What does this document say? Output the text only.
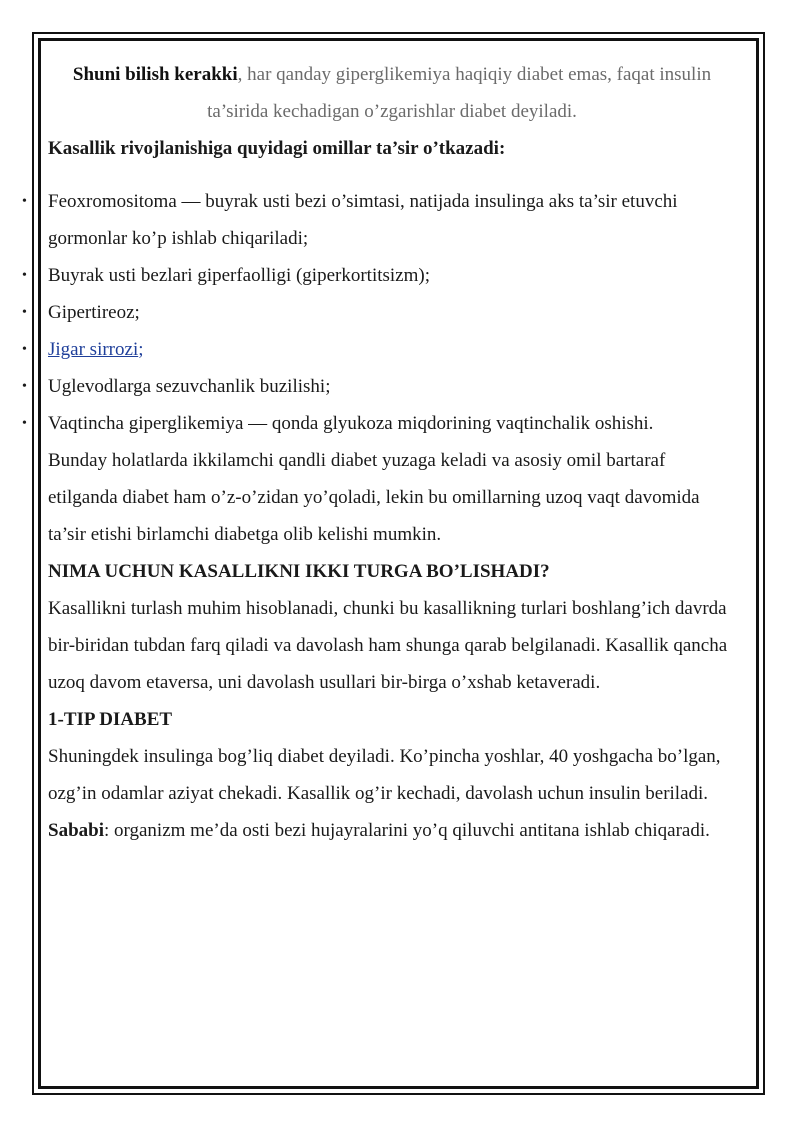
Shuni bilish kerakki, har qanday giperglikemiya haqiqiy diabet emas, faqat insulin ta’sirida kechadigan o’zgarishlar diabet deyiladi.

Kasallik rivojlanishiga quyidagi omillar ta’sir o’tkazadi:

• Feoxromositoma — buyrak usti bezi o’simtasi, natijada insulinga aks ta’sir etuvchi gormonlar ko’p ishlab chiqariladi;
• Buyrak usti bezlari giperfaolligi (giperkortitsizm);
• Gipertireoz;
• Jigar sirrozi;
• Uglevodlarga sezuvchanlik buzilishi;
• Vaqtincha giperglikemiya — qonda glyukoza miqdorining vaqtinchalik oshishi.

Bunday holatlarda ikkilamchi qandli diabet yuzaga keladi va asosiy omil bartaraf etilganda diabet ham o’z-o’zidan yo’qoladi, lekin bu omillarning uzoq vaqt davomida ta’sir etishi birlamchi diabetga olib kelishi mumkin.

NIMA UCHUN KASALLIKNI IKKI TURGA BO’LISHADI?

Kasallikni turlash muhim hisoblanadi, chunki bu kasallikning turlari boshlang’ich davrda bir-biridan tubdan farq qiladi va davolash ham shunga qarab belgilanadi. Kasallik qancha uzoq davom etaversa, uni davolash usullari bir-birga o’xshab ketaveradi.

1-TIP DIABET

Shuningdek insulinga bog’liq diabet deyiladi. Ko’pincha yoshlar, 40 yoshgacha bo’lgan, ozg’in odamlar aziyat chekadi. Kasallik og’ir kechadi, davolash uchun insulin beriladi.

Sababi: organizm me’da osti bezi hujayralarini yo’q qiluvchi antitana ishlab chiqaradi.
